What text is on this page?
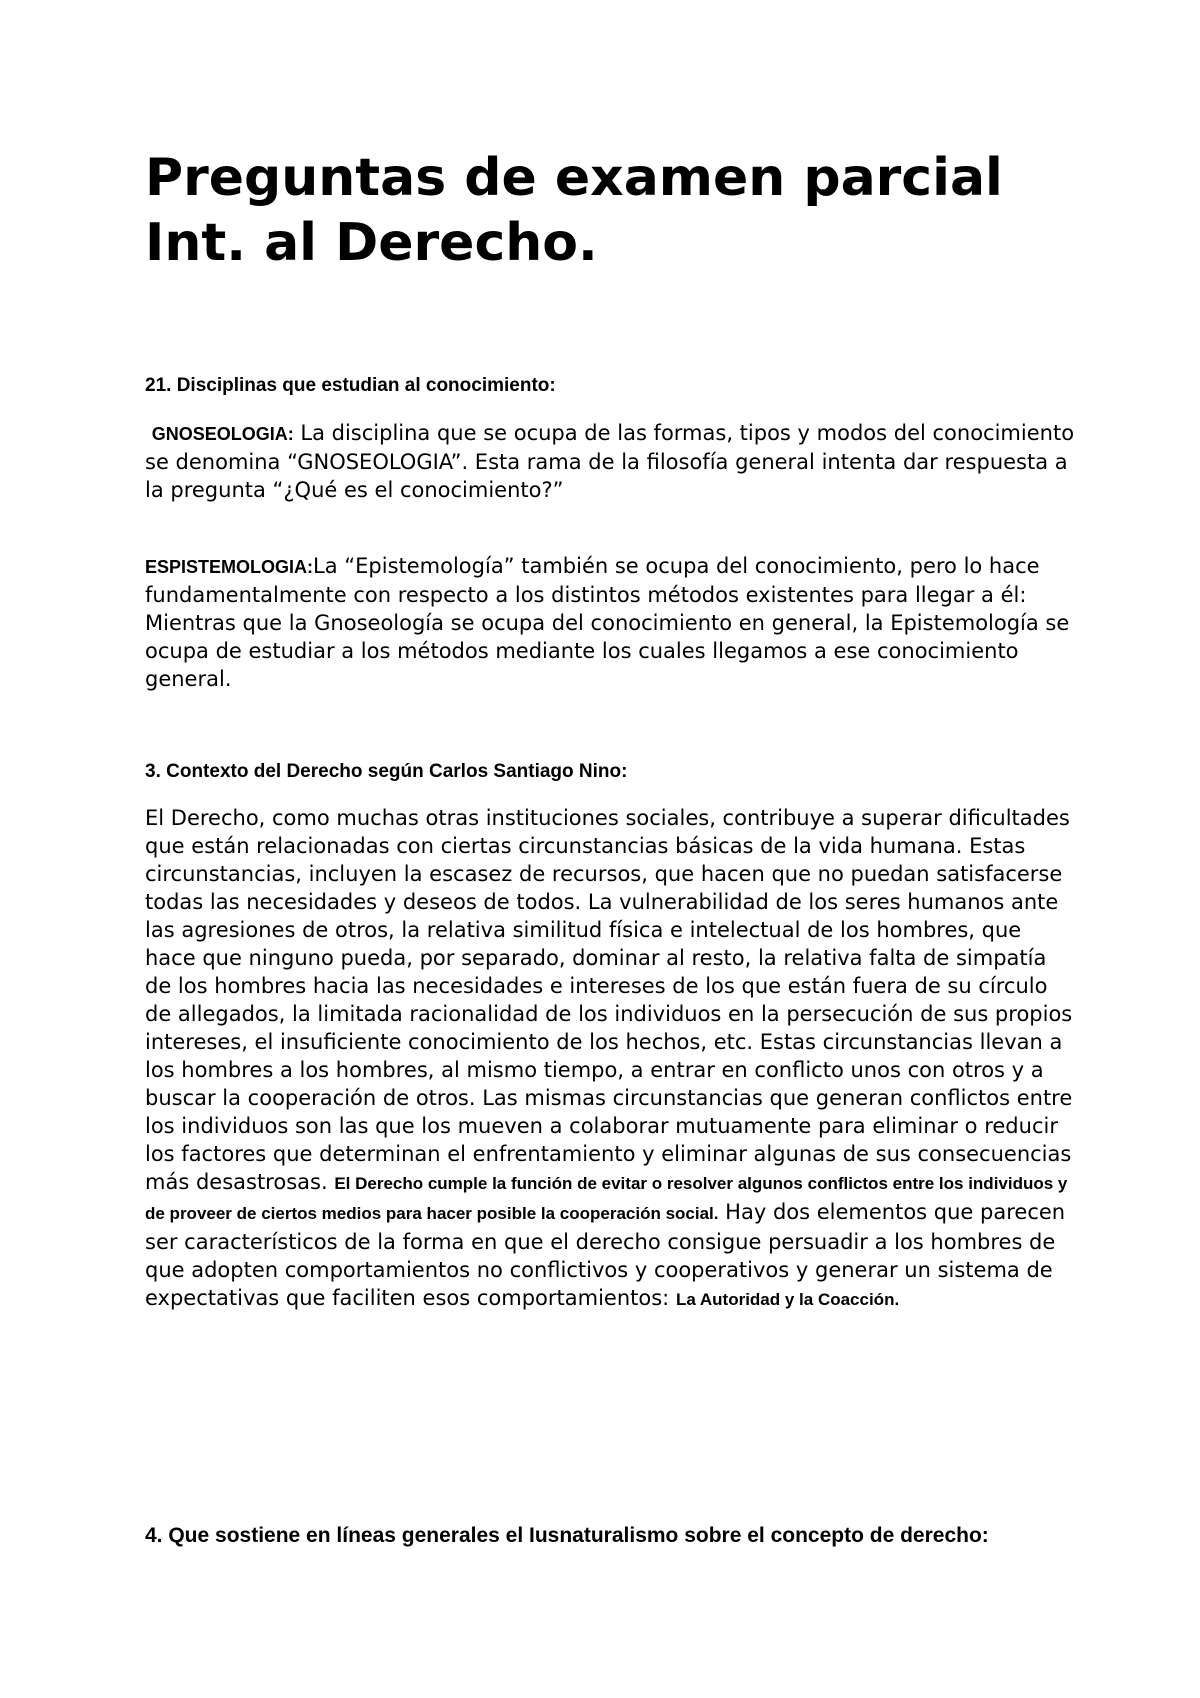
Preguntas de examen parcial
Int. al Derecho.

21. Disciplinas que estudian al conocimiento:

GNOSEOLOGIA: La disciplina que se ocupa de las formas, tipos y modos del conocimiento se denomina “GNOSEOLOGIA”. Esta rama de la filosofía general intenta dar respuesta a la pregunta “¿Qué es el conocimiento?”

ESPISTEMOLOGIA:La “Epistemología” también se ocupa del conocimiento, pero lo hace fundamentalmente con respecto a los distintos métodos existentes para llegar a él: Mientras que la Gnoseología se ocupa del conocimiento en general, la Epistemología se ocupa de estudiar a los métodos mediante los cuales llegamos a ese conocimiento general.

3. Contexto del Derecho según Carlos Santiago Nino:

El Derecho, como muchas otras instituciones sociales, contribuye a superar dificultades que están relacionadas con ciertas circunstancias básicas de la vida humana. Estas circunstancias, incluyen la escasez de recursos, que hacen que no puedan satisfacerse todas las necesidades y deseos de todos. La vulnerabilidad de los seres humanos ante las agresiones de otros, la relativa similitud física e intelectual de los hombres, que hace que ninguno pueda, por separado, dominar al resto, la relativa falta de simpatía de los hombres hacia las necesidades e intereses de los que están fuera de su círculo de allegados, la limitada racionalidad de los individuos en la persecución de sus propios intereses, el insuficiente conocimiento de los hechos, etc. Estas circunstancias llevan a los hombres a los hombres, al mismo tiempo, a entrar en conflicto unos con otros y a buscar la cooperación de otros. Las mismas circunstancias que generan conflictos entre los individuos son las que los mueven a colaborar mutuamente para eliminar o reducir los factores que determinan el enfrentamiento y eliminar algunas de sus consecuencias más desastrosas. El Derecho cumple la función de evitar o resolver algunos conflictos entre los individuos y de proveer de ciertos medios para hacer posible la cooperación social. Hay dos elementos que parecen ser característicos de la forma en que el derecho consigue persuadir a los hombres de que adopten comportamientos no conflictivos y cooperativos y generar un sistema de expectativas que faciliten esos comportamientos: La Autoridad y la Coacción.

4. Que sostiene en líneas generales el Iusnaturalismo sobre el concepto de derecho:
